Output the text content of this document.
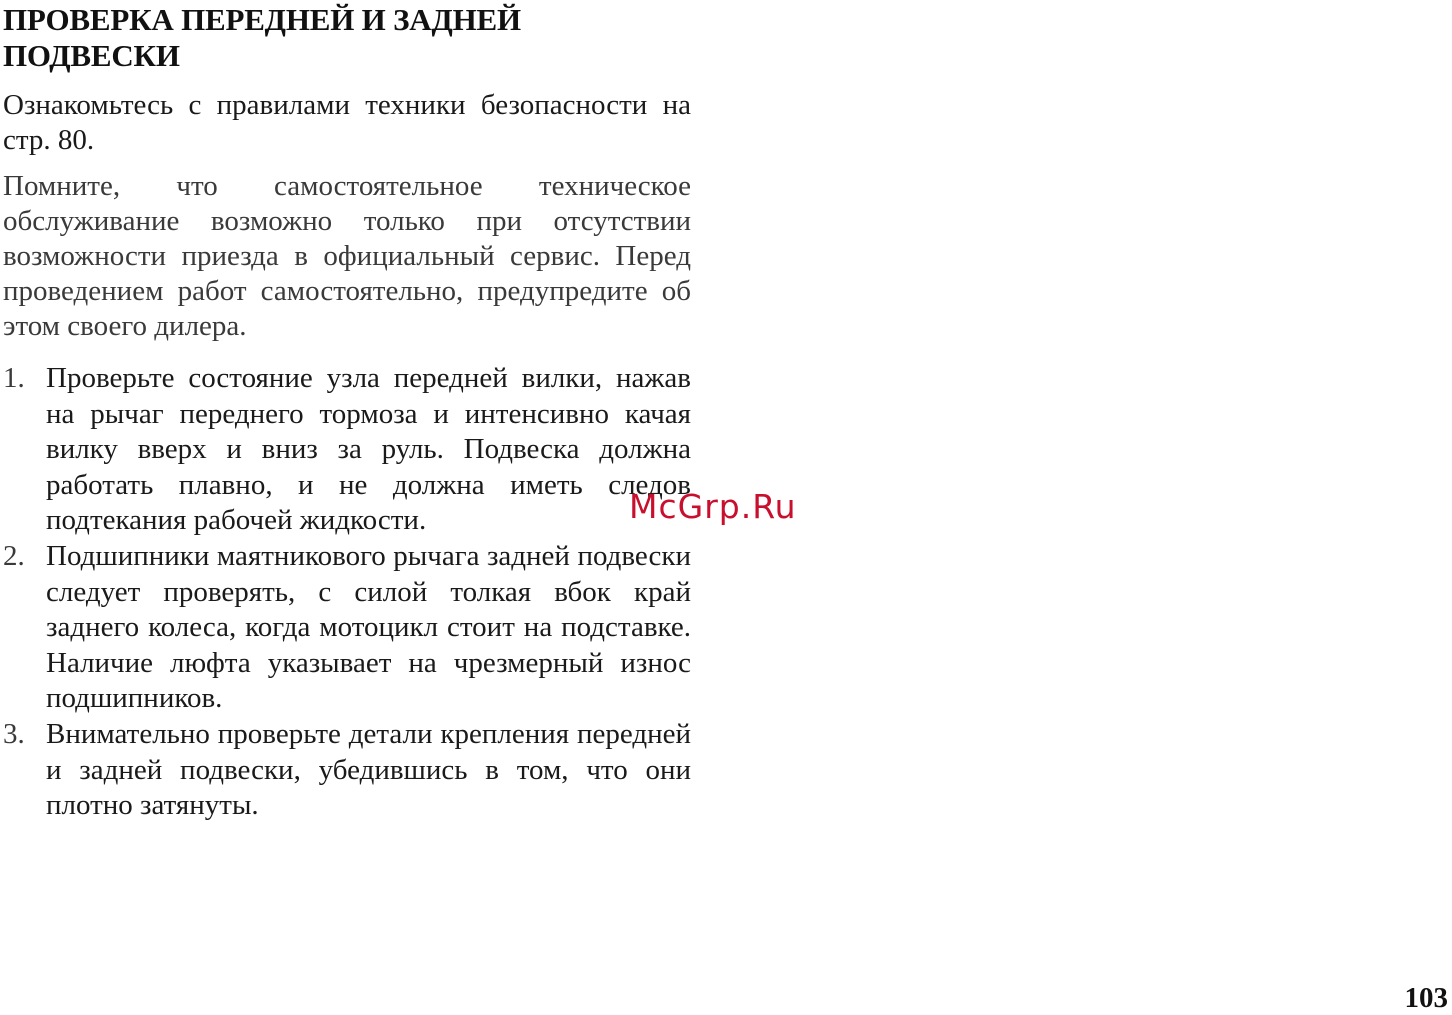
ПРОВЕРКА ПЕРЕДНЕЙ И ЗАДНЕЙ ПОДВЕСКИ

Ознакомьтесь с правилами техники безопасности на стр. 80.

Помните, что самостоятельное техническое обслуживание возможно только при отсутствии возможности приезда в официальный сервис. Перед проведением работ самостоятельно, предупредите об этом своего дилера.

1. Проверьте состояние узла передней вилки, нажав на рычаг переднего тормоза и интенсивно качая вилку вверх и вниз за руль. Подвеска должна работать плавно, и не должна иметь следов подтекания рабочей жидкости.
2. Подшипники маятникового рычага задней подвески следует проверять, с силой толкая вбок край заднего колеса, когда мотоцикл стоит на подставке. Наличие люфта указывает на чрезмерный износ подшипников.
3. Внимательно проверьте детали крепления передней и задней подвески, убедившись в том, что они плотно затянуты.
McGrp.Ru
103
